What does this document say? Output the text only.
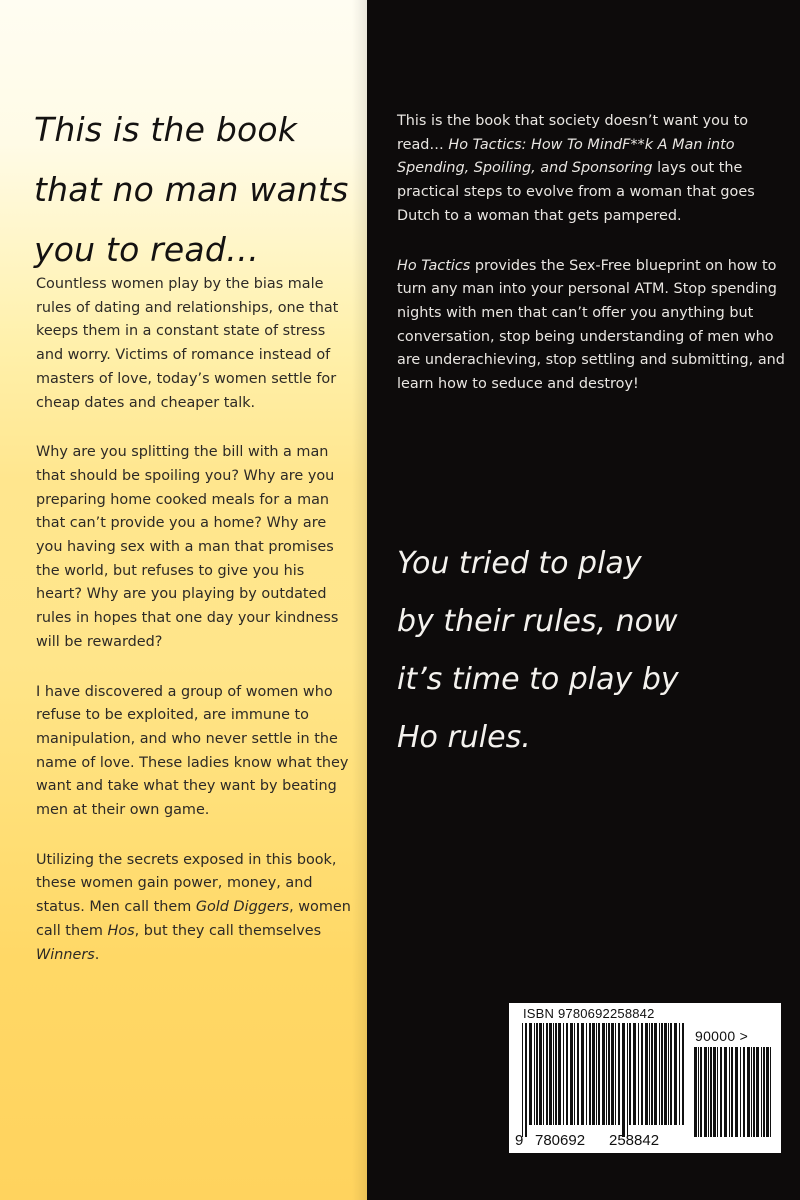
This is the book
that no man wants
you to read…

Countless women play by the bias male rules of dating and relationships, one that keeps them in a constant state of stress and worry. Victims of romance instead of masters of love, today’s women settle for cheap dates and cheaper talk.

Why are you splitting the bill with a man that should be spoiling you? Why are you preparing home cooked meals for a man that can’t provide you a home? Why are you having sex with a man that promises the world, but refuses to give you his heart? Why are you playing by outdated rules in hopes that one day your kindness will be rewarded?

I have discovered a group of women who refuse to be exploited, are immune to manipulation, and who never settle in the name of love. These ladies know what they want and take what they want by beating men at their own game.

Utilizing the secrets exposed in this book, these women gain power, money, and status. Men call them Gold Diggers, women call them Hos, but they call themselves Winners.

This is the book that society doesn’t want you to read… Ho Tactics: How To MindF**k A Man into Spending, Spoiling, and Sponsoring lays out the practical steps to evolve from a woman that goes Dutch to a woman that gets pampered.

Ho Tactics provides the Sex-Free blueprint on how to turn any man into your personal ATM. Stop spending nights with men that can’t offer you anything but conversation, stop being understanding of men who are underachieving, stop settling and submitting, and learn how to seduce and destroy!

You tried to play
by their rules, now
it’s time to play by
Ho rules.
ISBN 9780692258842
90000 >
9 780692 258842
